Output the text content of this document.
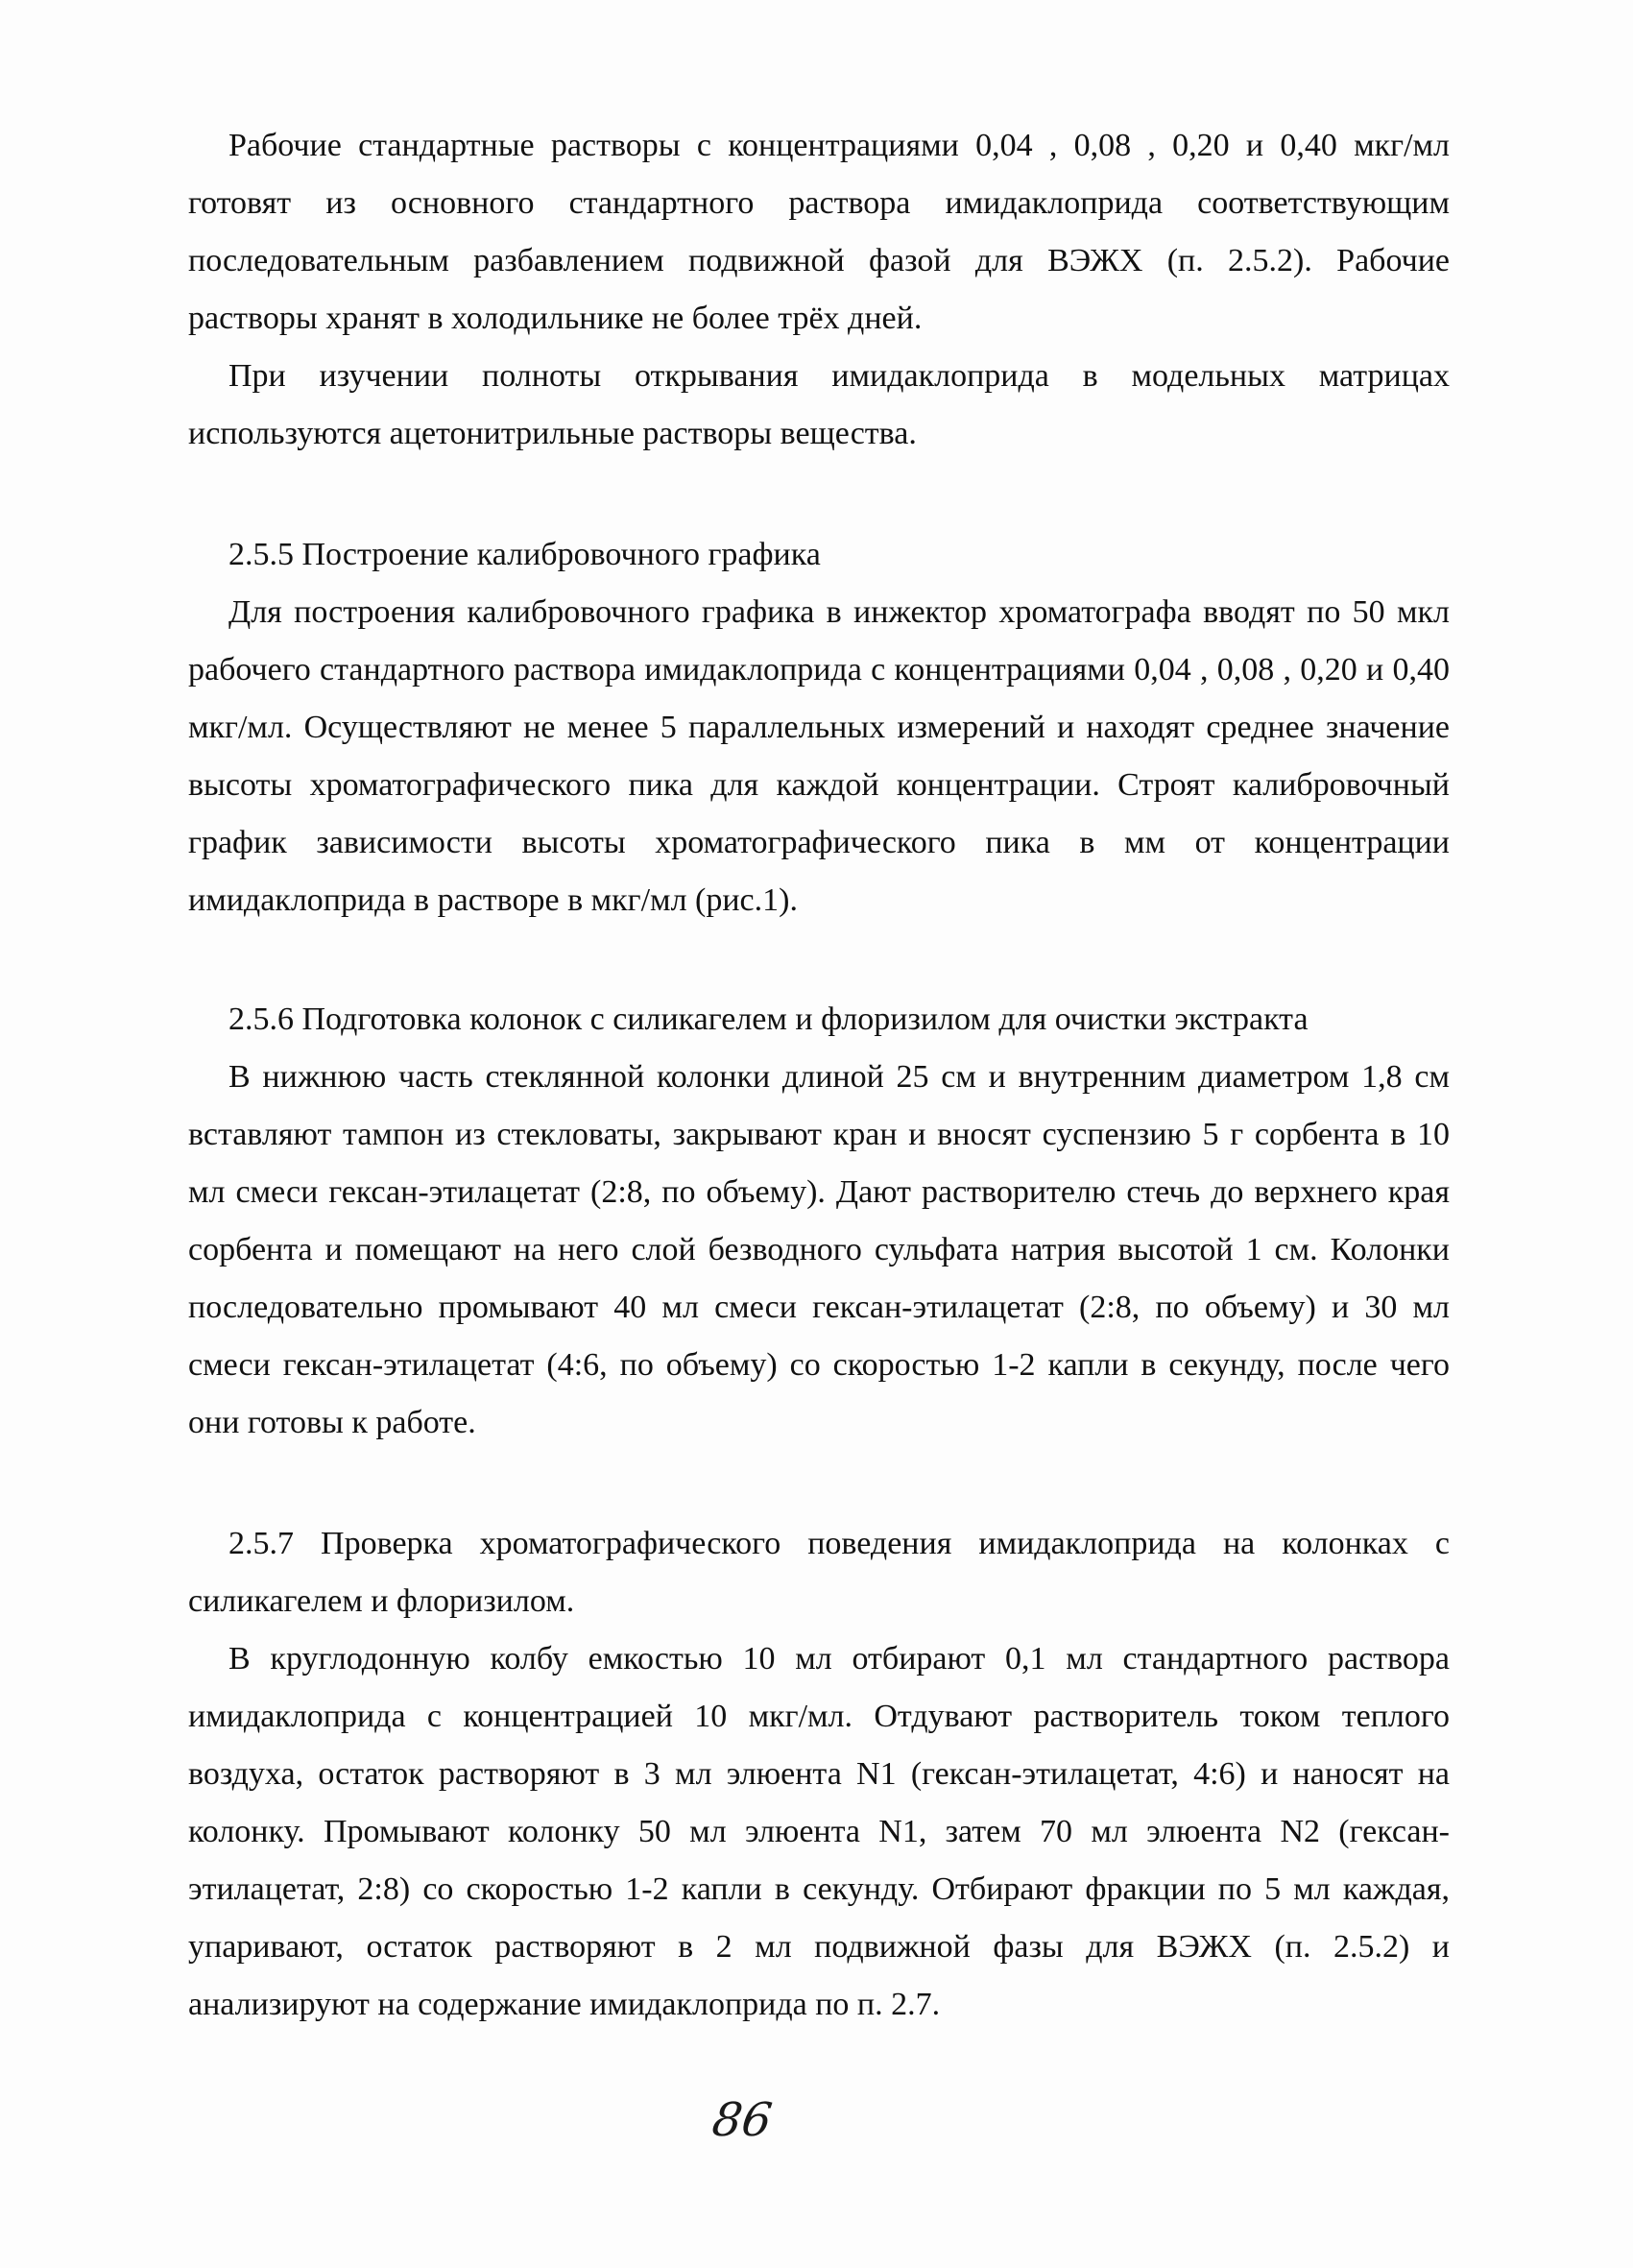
Рабочие стандартные растворы с концентрациями 0,04 , 0,08 , 0,20 и 0,40 мкг/мл готовят из основного стандартного раствора имидаклоприда соответствующим последовательным разбавлением подвижной фазой для ВЭЖХ (п. 2.5.2). Рабочие растворы хранят в холодильнике не более трёх дней.

При изучении полноты открывания имидаклоприда в модельных матрицах используются ацетонитрильные растворы вещества.

2.5.5 Построение калибровочного графика

Для построения калибровочного графика в инжектор хроматографа вводят по 50 мкл рабочего стандартного раствора имидаклоприда с концентрациями 0,04 , 0,08 , 0,20 и 0,40 мкг/мл. Осуществляют не менее 5 параллельных измерений и находят среднее значение высоты хроматографического пика для каждой концентрации. Строят калибровочный график зависимости высоты хроматографического пика в мм от концентрации имидаклоприда в растворе в мкг/мл (рис.1).

2.5.6 Подготовка колонок с силикагелем и флоризилом для очистки экстракта

В нижнюю часть стеклянной колонки длиной 25 см и внутренним диаметром 1,8 см вставляют тампон из стекловаты, закрывают кран и вносят суспензию 5 г сорбента в 10 мл смеси гексан-этилацетат (2:8, по объему). Дают растворителю стечь до верхнего края сорбента и помещают на него слой безводного сульфата натрия высотой 1 см. Колонки последовательно промывают 40 мл смеси гексан-этилацетат (2:8, по объему) и 30 мл смеси гексан-этилацетат (4:6, по объему) со скоростью 1-2 капли в секунду, после чего они готовы к работе.

2.5.7 Проверка хроматографического поведения имидаклоприда на колонках с силикагелем и флоризилом.

В круглодонную колбу емкостью 10 мл отбирают 0,1 мл стандартного раствора имидаклоприда с концентрацией 10 мкг/мл. Отдувают растворитель током теплого воздуха, остаток растворяют в 3 мл элюента N1 (гексан-этилацетат, 4:6) и наносят на колонку. Промывают колонку 50 мл элюента N1, затем 70 мл элюента N2 (гексан-этилацетат, 2:8) со скоростью 1-2 капли в секунду. Отбирают фракции по 5 мл каждая, упаривают, остаток растворяют в 2 мл подвижной фазы для ВЭЖХ (п. 2.5.2) и анализируют на содержание имидаклоприда по п. 2.7.

86
